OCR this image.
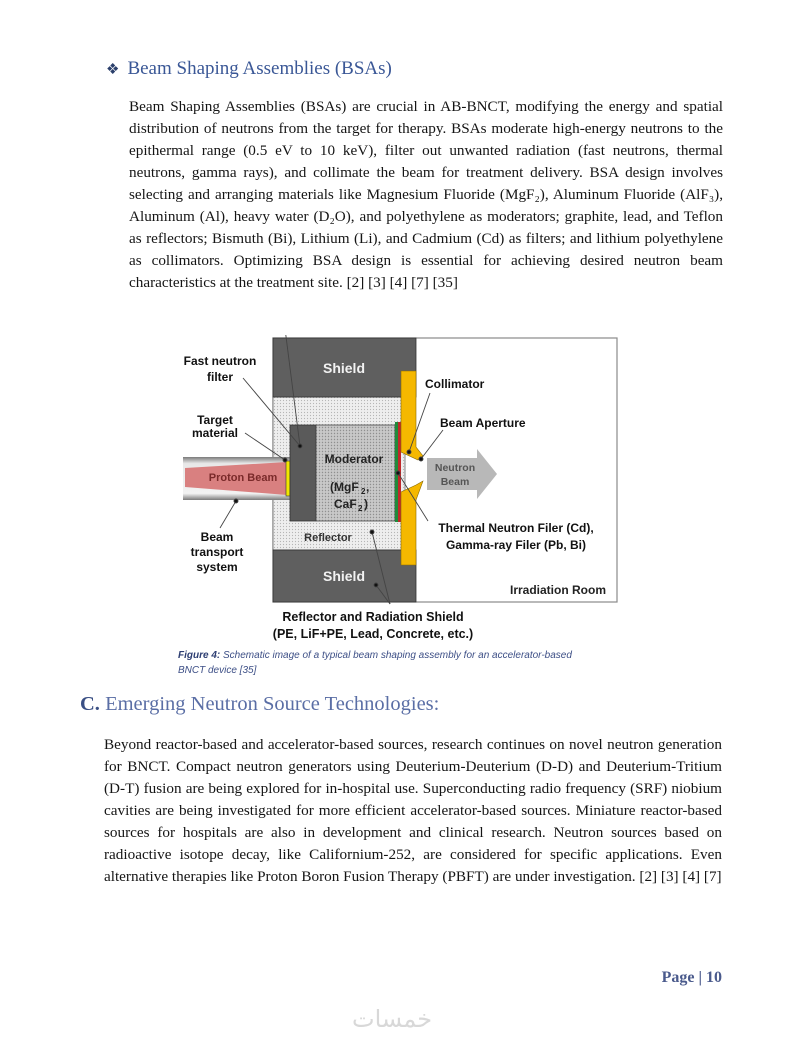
❖ Beam Shaping Assemblies (BSAs)

Beam Shaping Assemblies (BSAs) are crucial in AB-BNCT, modifying the energy and spatial distribution of neutrons from the target for therapy. BSAs moderate high-energy neutrons to the epithermal range (0.5 eV to 10 keV), filter out unwanted radiation (fast neutrons, thermal neutrons, gamma rays), and collimate the beam for treatment delivery. BSA design involves selecting and arranging materials like Magnesium Fluoride (MgF₂), Aluminum Fluoride (AlF₃), Aluminum (Al), heavy water (D₂O), and polyethylene as moderators; graphite, lead, and Teflon as reflectors; Bismuth (Bi), Lithium (Li), and Cadmium (Cd) as filters; and lithium polyethylene as collimators. Optimizing BSA design is essential for achieving desired neutron beam characteristics at the treatment site. [2] [3] [4] [7] [35]

Proton Beam
Neutron
Beam
Shield
Shield
Moderator
(MgF 2 ,
CaF 2 )
Reflector
Irradiation Room
Fast neutron
filter
Target
material
Beam
transport
system
Collimator
Beam Aperture
Thermal Neutron Filer (Cd),
Gamma-ray Filer (Pb, Bi)
Reflector and Radiation Shield
(PE, LiF+PE, Lead, Concrete, etc.)
Figure 4: Schematic image of a typical beam shaping assembly for an accelerator-based BNCT device [35]
C. Emerging Neutron Source Technologies:

Beyond reactor-based and accelerator-based sources, research continues on novel neutron generation for BNCT. Compact neutron generators using Deuterium-Deuterium (D-D) and Deuterium-Tritium (D-T) fusion are being explored for in-hospital use. Superconducting radio frequency (SRF) niobium cavities are being investigated for more efficient accelerator-based sources. Miniature reactor-based sources for hospitals are also in development and clinical research. Neutron sources based on radioactive isotope decay, like Californium-252, are considered for specific applications. Even alternative therapies like Proton Boron Fusion Therapy (PBFT) are under investigation. [2] [3] [4] [7]

Page | 10
خمسات
